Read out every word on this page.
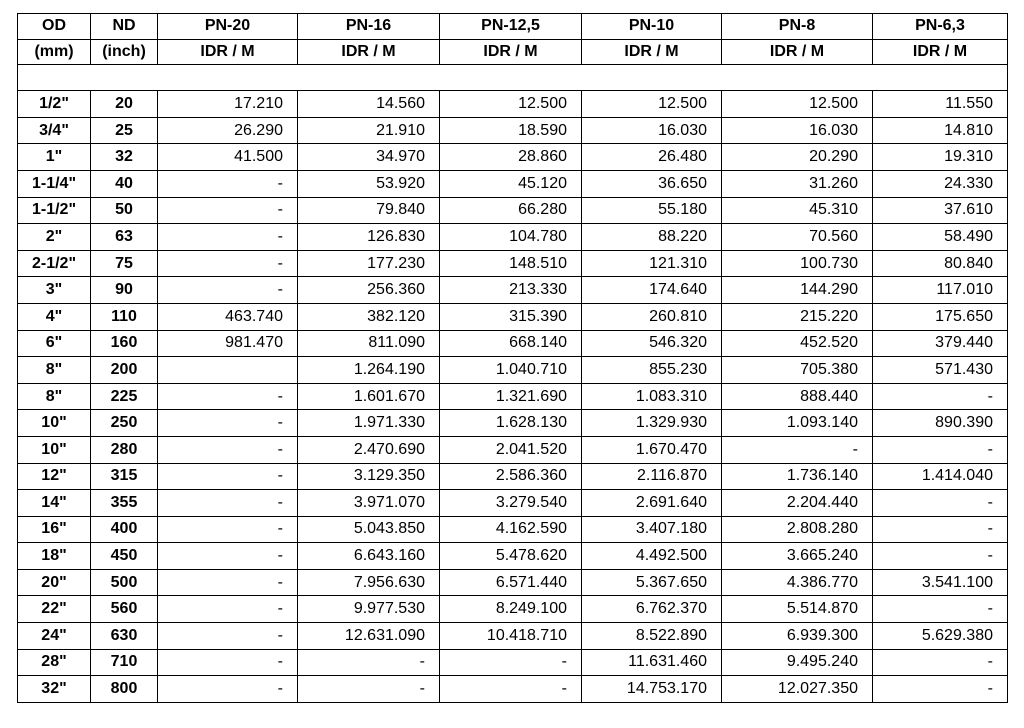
OD	ND	PN-20	PN-16	PN-12,5	PN-10	PN-8	PN-6,3
(mm)	(inch)	IDR / M	IDR / M	IDR / M	IDR / M	IDR / M	IDR / M

1/2"	20	17.210	14.560	12.500	12.500	12.500	11.550
3/4"	25	26.290	21.910	18.590	16.030	16.030	14.810
1"	32	41.500	34.970	28.860	26.480	20.290	19.310
1-1/4"	40	-	53.920	45.120	36.650	31.260	24.330
1-1/2"	50	-	79.840	66.280	55.180	45.310	37.610
2"	63	-	126.830	104.780	88.220	70.560	58.490
2-1/2"	75	-	177.230	148.510	121.310	100.730	80.840
3"	90	-	256.360	213.330	174.640	144.290	117.010
4"	110	463.740	382.120	315.390	260.810	215.220	175.650
6"	160	981.470	811.090	668.140	546.320	452.520	379.440
8"	200		1.264.190	1.040.710	855.230	705.380	571.430
8"	225	-	1.601.670	1.321.690	1.083.310	888.440	-
10"	250	-	1.971.330	1.628.130	1.329.930	1.093.140	890.390
10"	280	-	2.470.690	2.041.520	1.670.470	-	-
12"	315	-	3.129.350	2.586.360	2.116.870	1.736.140	1.414.040
14"	355	-	3.971.070	3.279.540	2.691.640	2.204.440	-
16"	400	-	5.043.850	4.162.590	3.407.180	2.808.280	-
18"	450	-	6.643.160	5.478.620	4.492.500	3.665.240	-
20"	500	-	7.956.630	6.571.440	5.367.650	4.386.770	3.541.100
22"	560	-	9.977.530	8.249.100	6.762.370	5.514.870	-
24"	630	-	12.631.090	10.418.710	8.522.890	6.939.300	5.629.380
28"	710	-	-	-	11.631.460	9.495.240	-
32"	800	-	-	-	14.753.170	12.027.350	-
